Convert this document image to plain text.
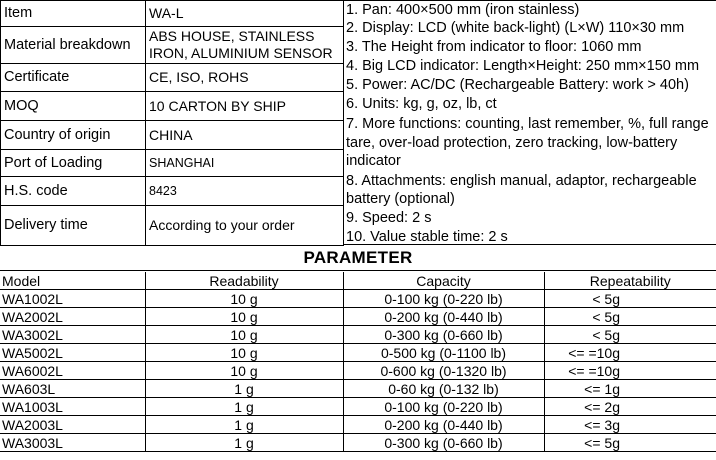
Item	WA-L
Material breakdown	ABS HOUSE, STAINLESS IRON, ALUMINIUM SENSOR
Certificate	CE, ISO, ROHS
MOQ	10 CARTON BY SHIP
Country of origin	CHINA
Port of Loading	SHANGHAI
H.S. code	8423
Delivery time	According to your order
1. Pan: 400×500 mm (iron stainless)
2. Display: LCD (white back-light) (L×W) 110×30 mm
3. The Height from indicator to floor: 1060 mm
4. Big LCD indicator: Length×Height: 250 mm×150 mm
5. Power: AC/DC (Rechargeable Battery: work > 40h)
6. Units: kg, g, oz, lb, ct
7. More functions: counting, last remember, %, full range
tare, over-load protection, zero tracking, low-battery
indicator
8. Attachments: english manual, adaptor, rechargeable
battery (optional)
9. Speed: 2 s
10. Value stable time: 2 s
PARAMETER
Model	Readability	Capacity	Repeatability
WA1002L	10 g	0-100 kg (0-220 lb)	< 5g
WA2002L	10 g	0-200 kg (0-440 lb)	< 5g
WA3002L	10 g	0-300 kg (0-660 lb)	< 5g
WA5002L	10 g	0-500 kg (0-1100 lb)	<= =10g
WA6002L	10 g	0-600 kg (0-1320 lb)	<= =10g
WA603L	1 g	0-60 kg (0-132 lb)	<= 1g
WA1003L	1 g	0-100 kg (0-220 lb)	<= 2g
WA2003L	1 g	0-200 kg (0-440 lb)	<= 3g
WA3003L	1 g	0-300 kg (0-660 lb)	<= 5g
